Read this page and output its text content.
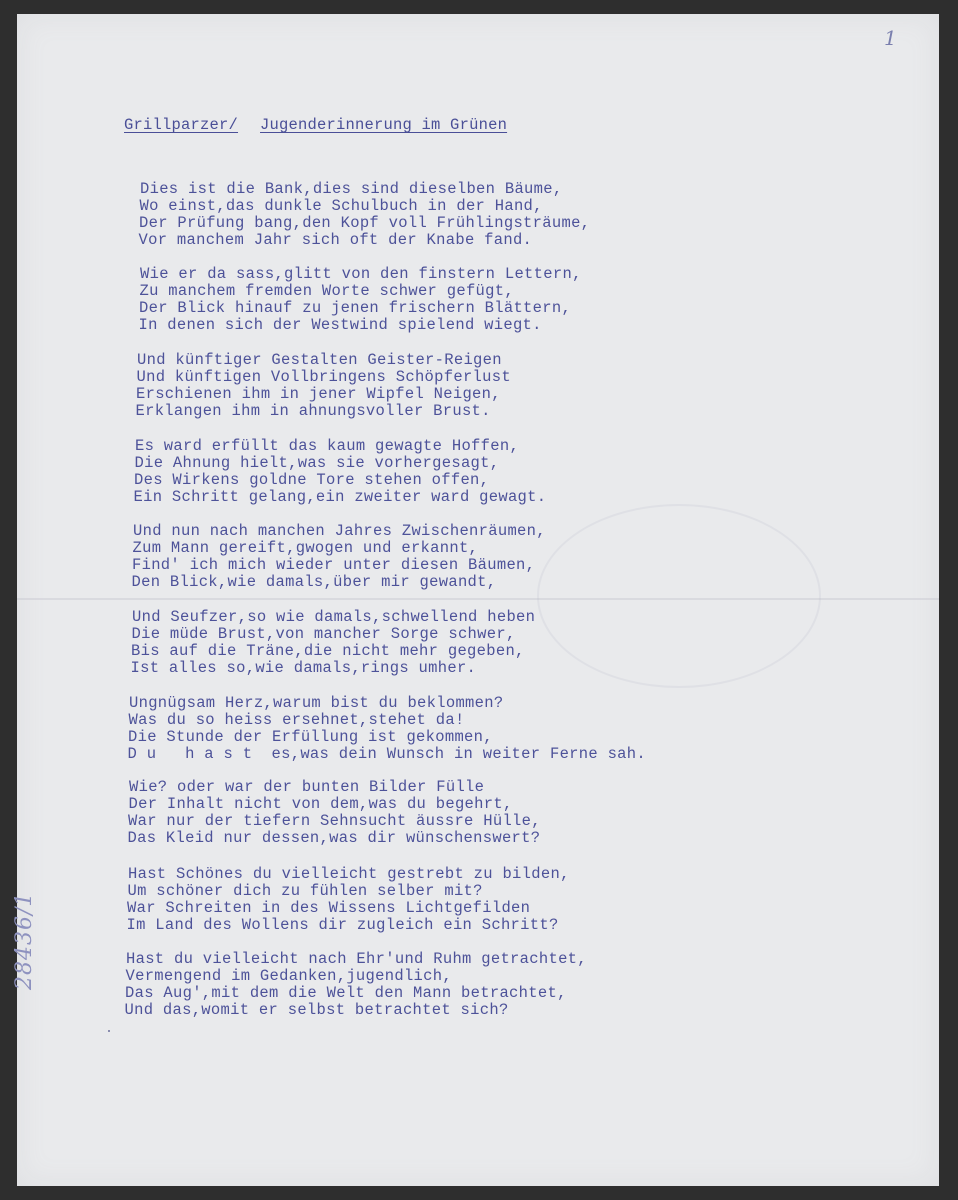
1
Grillparzer/ Jugenderinnerung im Grünen
Dies ist die Bank,dies sind dieselben Bäume,
Wo einst,das dunkle Schulbuch in der Hand,
Der Prüfung bang,den Kopf voll Frühlingsträume,
Vor manchem Jahr sich oft der Knabe fand.
Wie er da sass,glitt von den finstern Lettern,
Zu manchem fremden Worte schwer gefügt,
Der Blick hinauf zu jenen frischern Blättern,
In denen sich der Westwind spielend wiegt.
Und künftiger Gestalten Geister-Reigen
Und künftigen Vollbringens Schöpferlust
Erschienen ihm in jener Wipfel Neigen,
Erklangen ihm in ahnungsvoller Brust.
Es ward erfüllt das kaum gewagte Hoffen,
Die Ahnung hielt,was sie vorhergesagt,
Des Wirkens goldne Tore stehen offen,
Ein Schritt gelang,ein zweiter ward gewagt.
Und nun nach manchen Jahres Zwischenräumen,
Zum Mann gereift,gwogen und erkannt,
Find' ich mich wieder unter diesen Bäumen,
Den Blick,wie damals,über mir gewandt,
Und Seufzer,so wie damals,schwellend heben
Die müde Brust,von mancher Sorge schwer,
Bis auf die Träne,die nicht mehr gegeben,
Ist alles so,wie damals,rings umher.
Ungnügsam Herz,warum bist du beklommen?
Was du so heiss ersehnet,stehet da!
Die Stunde der Erfüllung ist gekommen,
D u   h a s t  es,was dein Wunsch in weiter Ferne sah.
Wie? oder war der bunten Bilder Fülle
Der Inhalt nicht von dem,was du begehrt,
War nur der tiefern Sehnsucht äussre Hülle,
Das Kleid nur dessen,was dir wünschenswert?
Hast Schönes du vielleicht gestrebt zu bilden,
Um schöner dich zu fühlen selber mit?
War Schreiten in des Wissens Lichtgefilden
Im Land des Wollens dir zugleich ein Schritt?
Hast du vielleicht nach Ehr'und Ruhm getrachtet,
Vermengend im Gedanken,jugendlich,
Das Aug',mit dem die Welt den Mann betrachtet,
Und das,womit er selbst betrachtet sich?
28436/1
